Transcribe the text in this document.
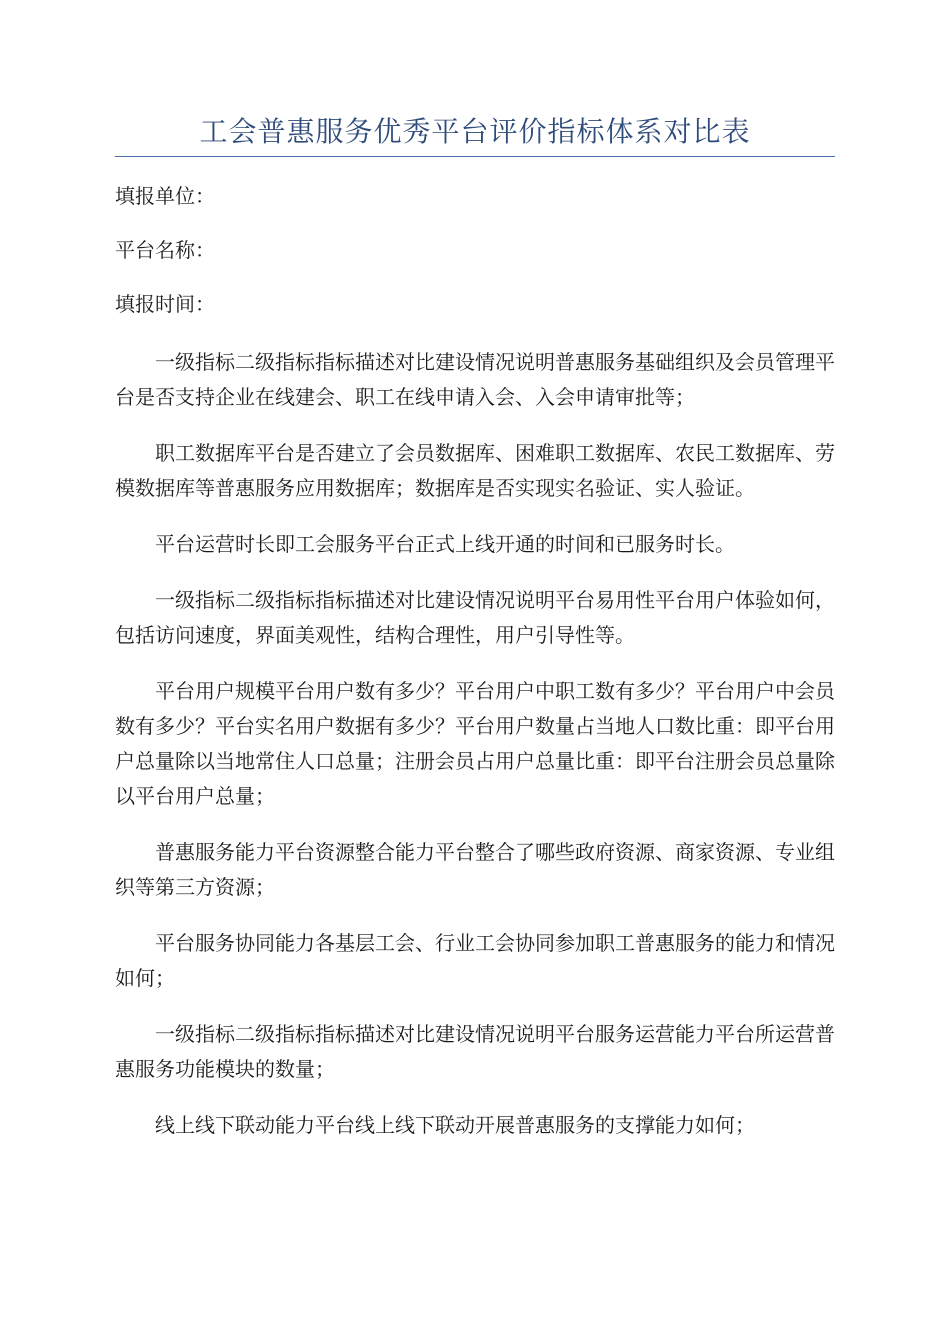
工会普惠服务优秀平台评价指标体系对比表

填报单位：

平台名称：

填报时间：

一级指标二级指标指标描述对比建设情况说明普惠服务基础组织及会员管理平台是否支持企业在线建会、职工在线申请入会、入会申请审批等；

职工数据库平台是否建立了会员数据库、困难职工数据库、农民工数据库、劳模数据库等普惠服务应用数据库；数据库是否实现实名验证、实人验证。

平台运营时长即工会服务平台正式上线开通的时间和已服务时长。

一级指标二级指标指标描述对比建设情况说明平台易用性平台用户体验如何，包括访问速度，界面美观性，结构合理性，用户引导性等。

平台用户规模平台用户数有多少？平台用户中职工数有多少？平台用户中会员数有多少？平台实名用户数据有多少？平台用户数量占当地人口数比重：即平台用户总量除以当地常住人口总量；注册会员占用户总量比重：即平台注册会员总量除以平台用户总量；

普惠服务能力平台资源整合能力平台整合了哪些政府资源、商家资源、专业组织等第三方资源；

平台服务协同能力各基层工会、行业工会协同参加职工普惠服务的能力和情况如何；

一级指标二级指标指标描述对比建设情况说明平台服务运营能力平台所运营普惠服务功能模块的数量；

线上线下联动能力平台线上线下联动开展普惠服务的支撑能力如何；
